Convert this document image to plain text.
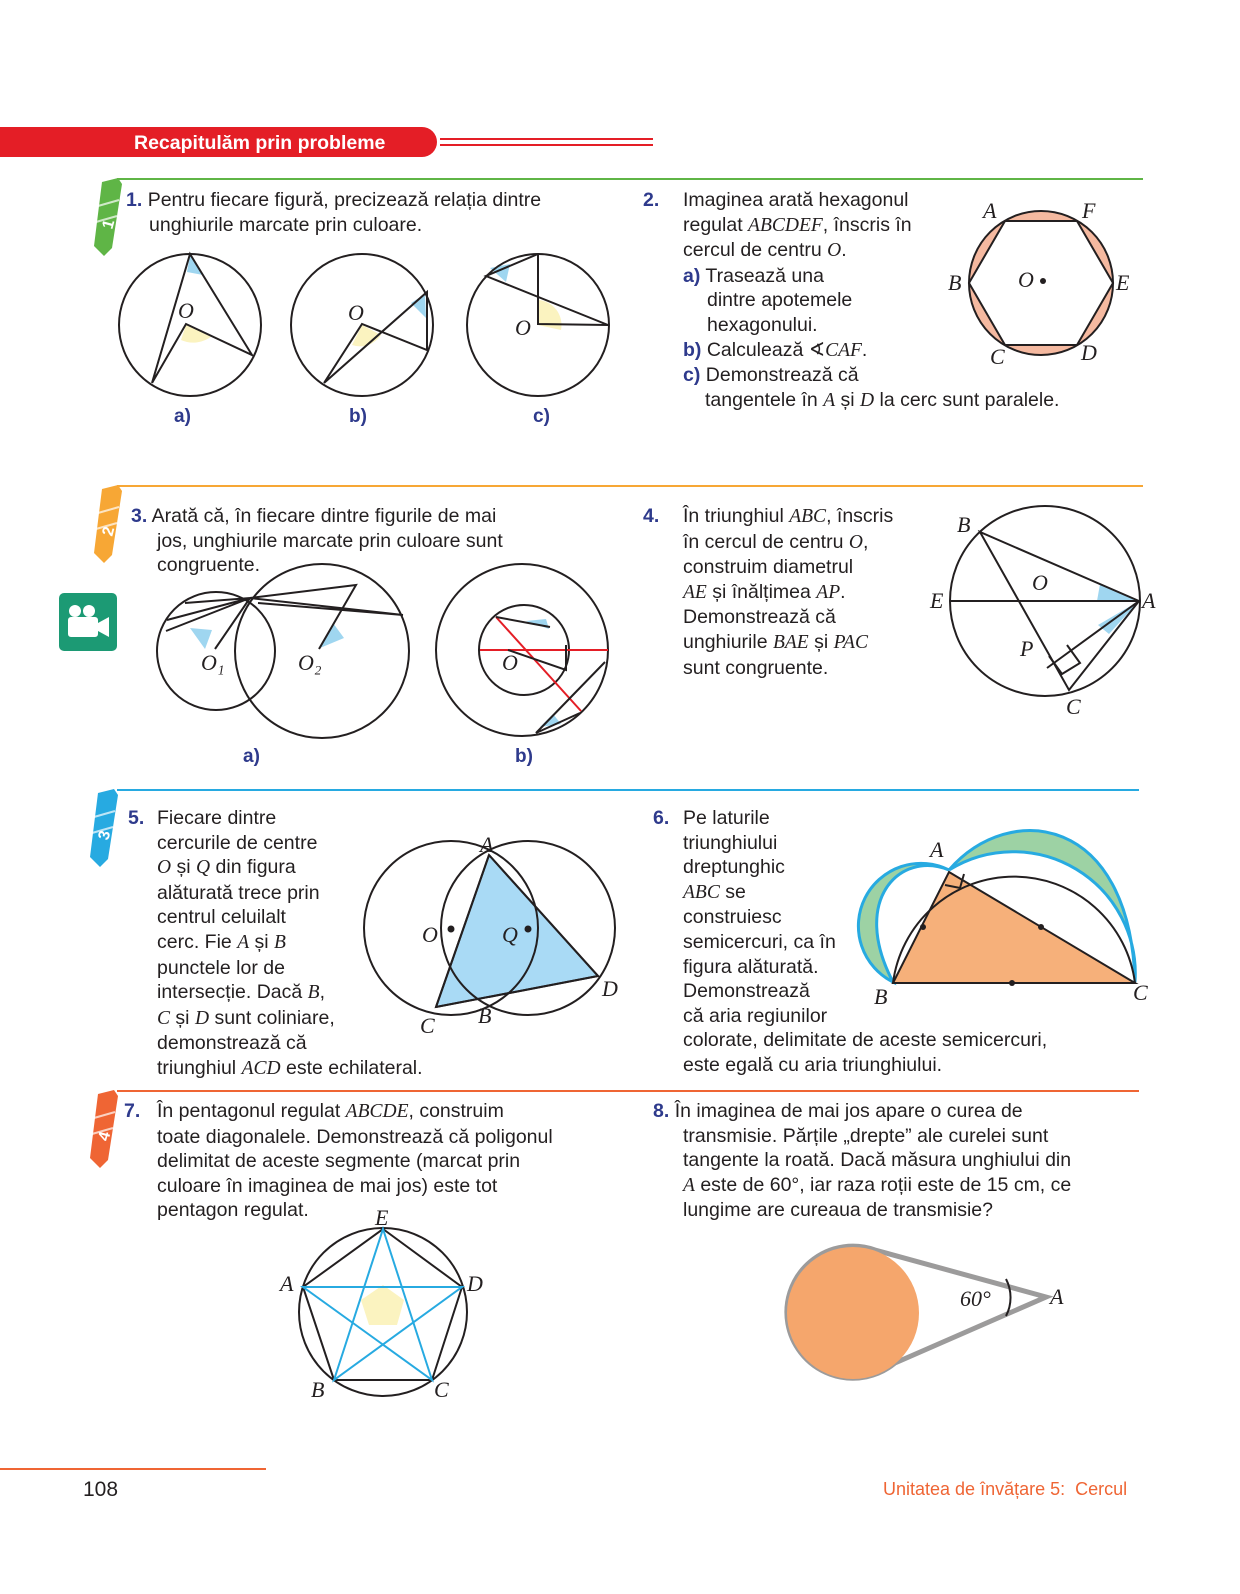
Recapitulăm prin probleme
1
2
3
4
1. Pentru fiecare figură, precizează relația dintre
unghiurile marcate prin culoare.
O	O
O
a)	b)	c)
2. Imaginea arată hexagonul
regulat ABCDEF, înscris în
cercul de centru O.
a) Trasează una
dintre apotemele
hexagonului.
b) Calculează ∢CAF.
c) Demonstrează că
tangentele în A și D la cerc sunt paralele.
A	F
B	O	E
C	D
3. Arată că, în fiecare dintre figurile de mai
jos, unghiurile marcate prin culoare sunt
congruente.
O₁	O₂	O
a)	b)
4. În triunghiul ABC, înscris
în cercul de centru O,
construim diametrul
AE și înălțimea AP.
Demonstrează că
unghiurile BAE și PAC
sunt congruente.
B
O
E	A
P
C
5. Fiecare dintre
cercurile de centre
O și Q din figura
alăturată trece prin
centrul celuilalt
cerc. Fie A și B
punctele lor de
intersecție. Dacă B,
C și D sunt coliniare,
demonstrează că
triunghiul ACD este echilateral.
A
O	Q
D
C B
6. Pe laturile
triunghiului
dreptunghic
ABC se
construiesc
semicercuri, ca în
figura alăturată.
Demonstrează
că aria regiunilor
colorate, delimitate de aceste semicercuri,
este egală cu aria triunghiului.
A
B	C
7. În pentagonul regulat ABCDE, construim
toate diagonalele. Demonstrează că poligonul
delimitat de aceste segmente (marcat prin
culoare în imaginea de mai jos) este tot
pentagon regulat.	E
A	D
B	C
8. În imaginea de mai jos apare o curea de
transmisie. Părțile „drepte” ale curelei sunt
tangente la roată. Dacă măsura unghiului din
A este de 60°, iar raza roții este de 15 cm, ce
lungime are cureaua de transmisie?
60°	A
108	Unitatea de învățare 5:  Cercul
